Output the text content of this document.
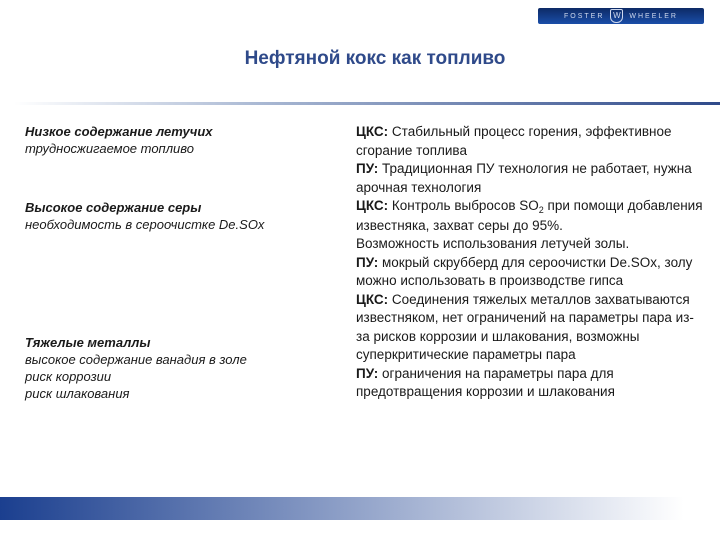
FOSTER	W	WHEELER
Нефтяной кокс как топливо
Низкое содержание летучих
трудносжигаемое топливо
Высокое содержание серы
необходимость в сероочистке De.SOx
Тяжелые металлы
высокое содержание ванадия в золе
риск коррозии
риск шлакования
ЦКС: Стабильный процесс горения, эффективное сгорание топлива
ПУ: Традиционная ПУ технология не работает, нужна арочная технология
ЦКС: Контроль выбросов $SO_2$ при помощи добавления известняка, захват серы до 95%.
Возможность использования летучей золы.
ПУ: мокрый скрубберд для сероочистки De.SOx, золу можно использовать в производстве гипса
ЦКС: Соединения тяжелых металлов захватываются известняком, нет ограничений на параметры пара из-за рисков коррозии и шлакования, возможны суперкритические параметры пара
ПУ: ограничения на параметры пара для предотвращения коррозии и шлакования
